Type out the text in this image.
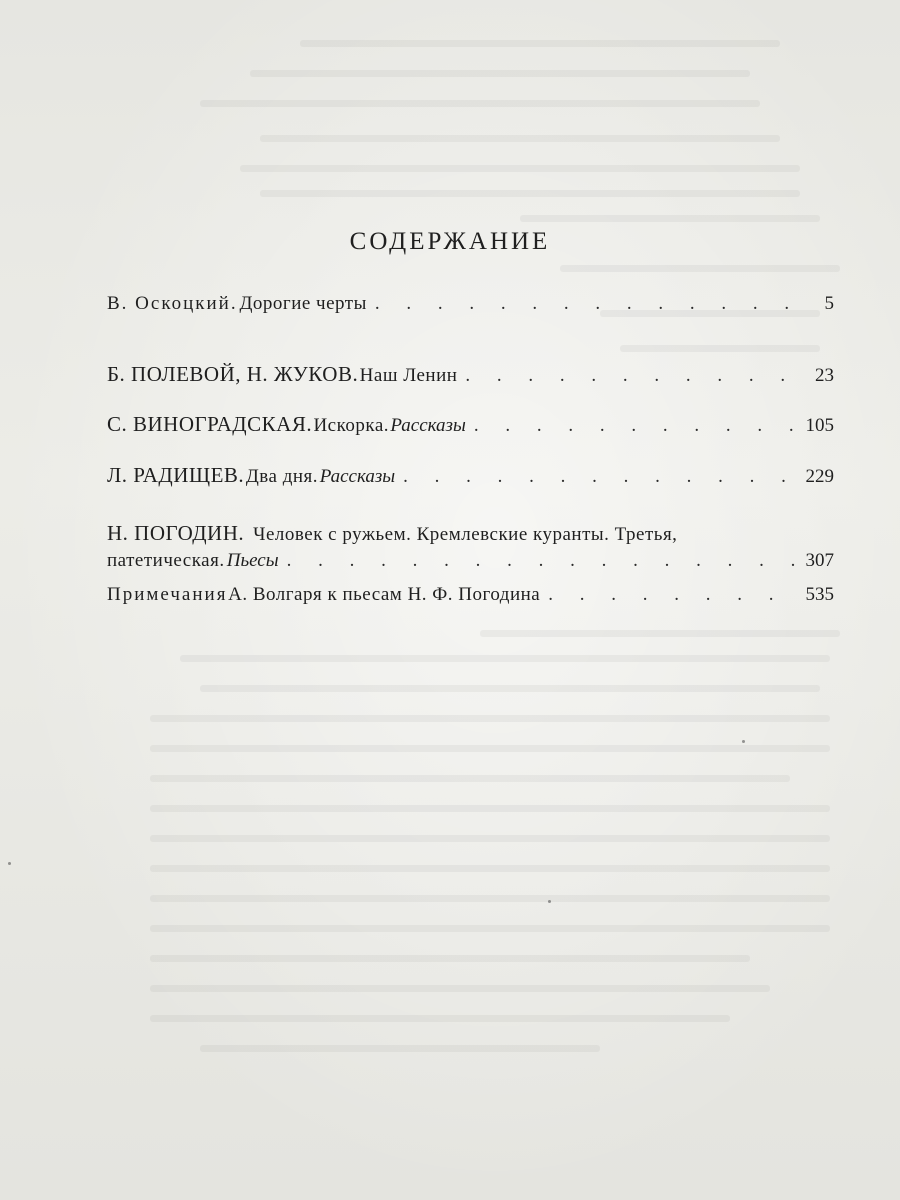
СОДЕРЖАНИЕ
В. Оскоцкий. Дорогие черты . . .	5
Б. ПОЛЕВОЙ, Н. ЖУКОВ. Наш Ленин . . .	23
С. ВИНОГРАДСКАЯ. Искорка. Рассказы . . .	105
Л. РАДИЩЕВ. Два дня. Рассказы . . .	229
Н. ПОГОДИН. Человек с ружьем. Кремлевские куранты. Третья,
патетическая. Пьесы . . .	307
Примечания А. Волгаря к пьесам Н. Ф. Погодина . . .	535
